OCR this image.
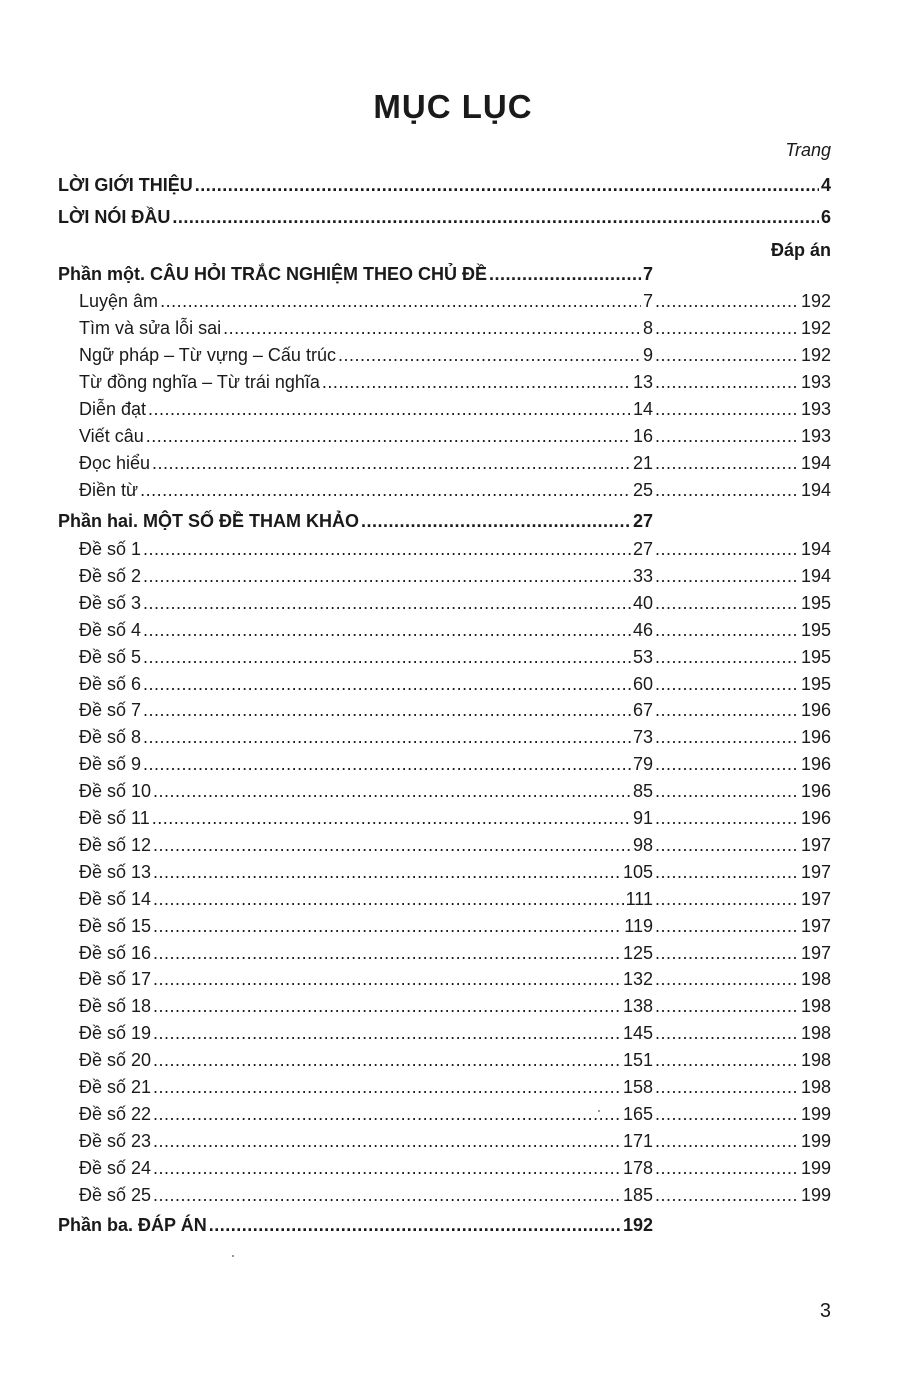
MỤC LỤC
Trang
Đáp án
LỜI GIỚI THIỆU .....	4
LỜI NÓI ĐẦU .....	6
Phần một. CÂU HỎI TRẮC NGHIỆM THEO CHỦ ĐỀ .....	7
Luyện âm .....	7 .....	192
Tìm và sửa lỗi sai .....	8 .....	192
Ngữ pháp – Từ vựng – Cấu trúc .....	9 .....	192
Từ đồng nghĩa – Từ trái nghĩa .....	13 .....	193
Diễn đạt .....	14 .....	193
Viết câu .....	16 .....	193
Đọc hiểu .....	21 .....	194
Điền từ .....	25 .....	194
Phần hai. MỘT SỐ ĐỀ THAM KHẢO .....	27
Đề số 1 .....	27 .....	194
Đề số 2 .....	33 .....	194
Đề số 3 .....	40 .....	195
Đề số 4 .....	46 .....	195
Đề số 5 .....	53 .....	195
Đề số 6 .....	60 .....	195
Đề số 7 .....	67 .....	196
Đề số 8 .....	73 .....	196
Đề số 9 .....	79 .....	196
Đề số 10 .....	85 .....	196
Đề số 11 .....	91 .....	196
Đề số 12 .....	98 .....	197
Đề số 13 .....	105 .....	197
Đề số 14 .....	111 .....	197
Đề số 15 .....	119 .....	197
Đề số 16 .....	125 .....	197
Đề số 17 .....	132 .....	198
Đề số 18 .....	138 .....	198
Đề số 19 .....	145 .....	198
Đề số 20 .....	151 .....	198
Đề số 21 .....	158 .....	198
Đề số 22 .....	165 .....	199
Đề số 23 .....	171 .....	199
Đề số 24 .....	178 .....	199
Đề số 25 .....	185 .....	199
Phần ba. ĐÁP ÁN .....	192
3
